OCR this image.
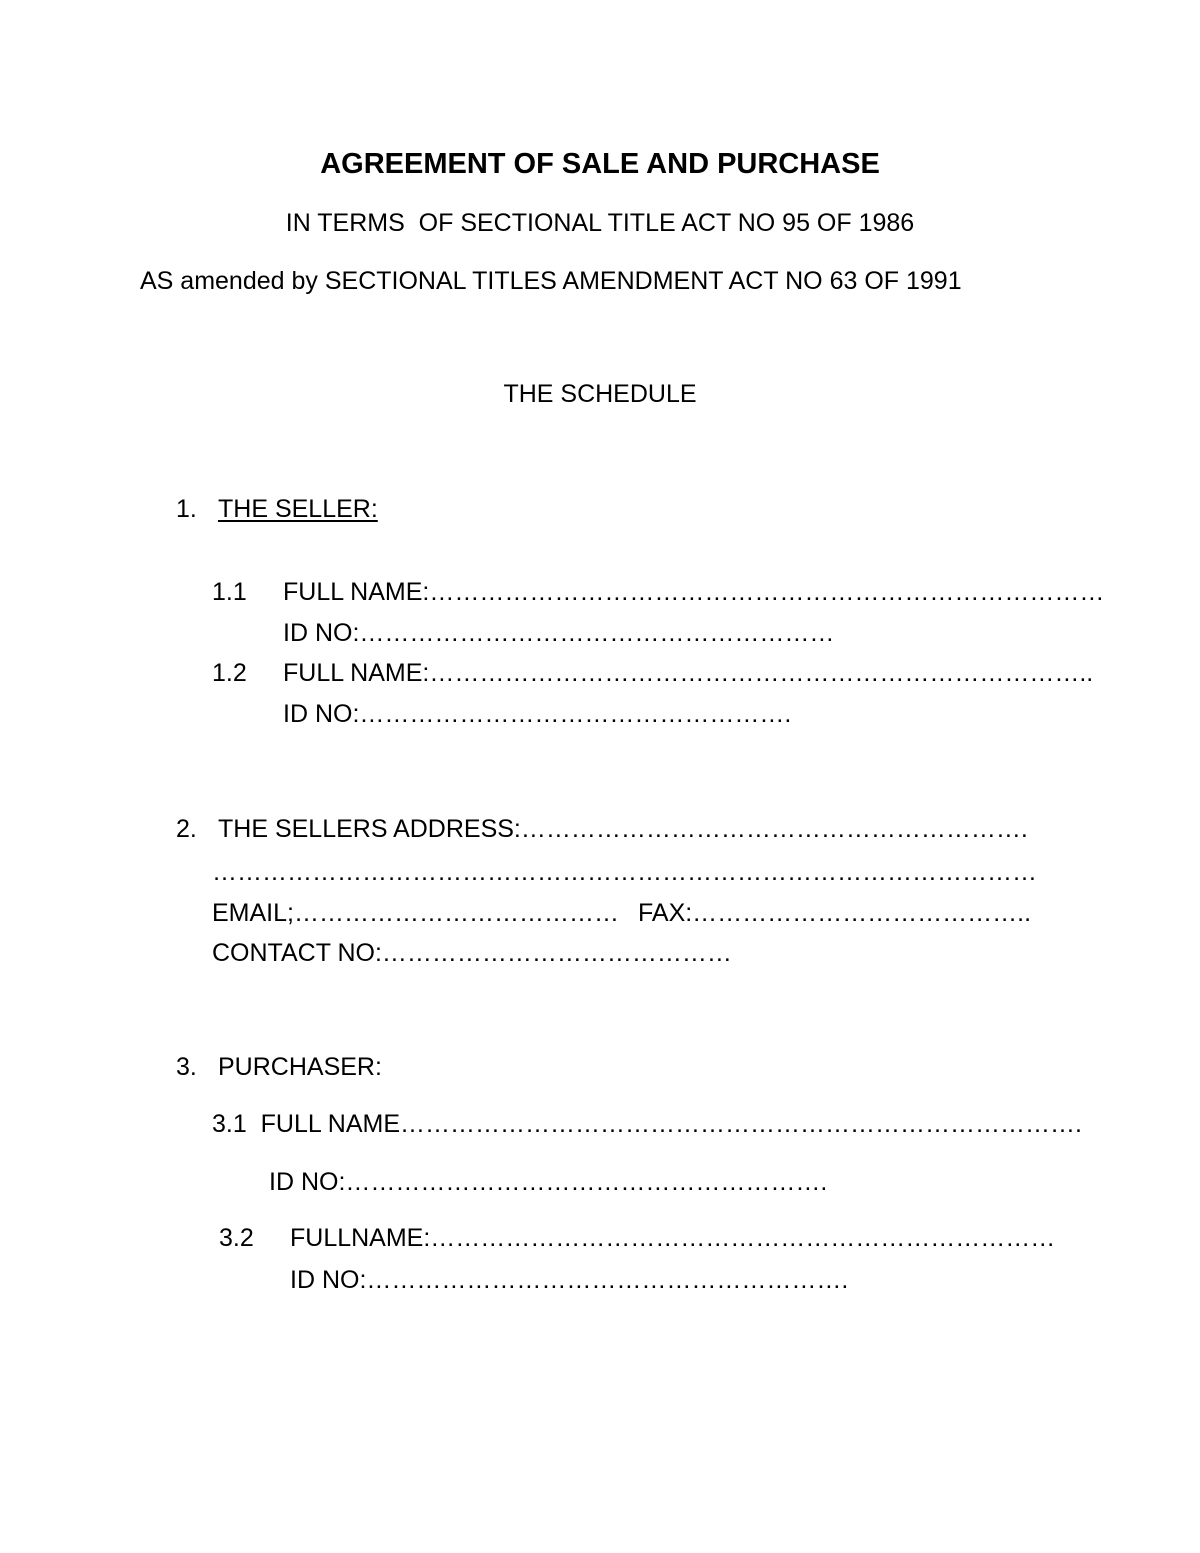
AGREEMENT OF SALE AND PURCHASE
IN TERMS  OF SECTIONAL TITLE ACT NO 95 OF 1986
AS amended by SECTIONAL TITLES AMENDMENT ACT NO 63 OF 1991
THE SCHEDULE
1. THE SELLER:
1.1 FULL NAME:………………………………………………………………………
ID NO:…………………………………………………
1.2 FULL NAME:……………………………………………………………………..
ID NO:…………………………………………….
2. THE SELLERS ADDRESS:…………………………………………………….
………………………………………………………………………………………
EMAIL;………………………………… FAX:…………………………………..
CONTACT NO:……………………………………
3. PURCHASER:
3.1  FULL NAME……………………………………………………………………….
ID NO:………………………………………………….
3.2 FULLNAME:…………………………………………………………………
ID NO:………………………………………………….
